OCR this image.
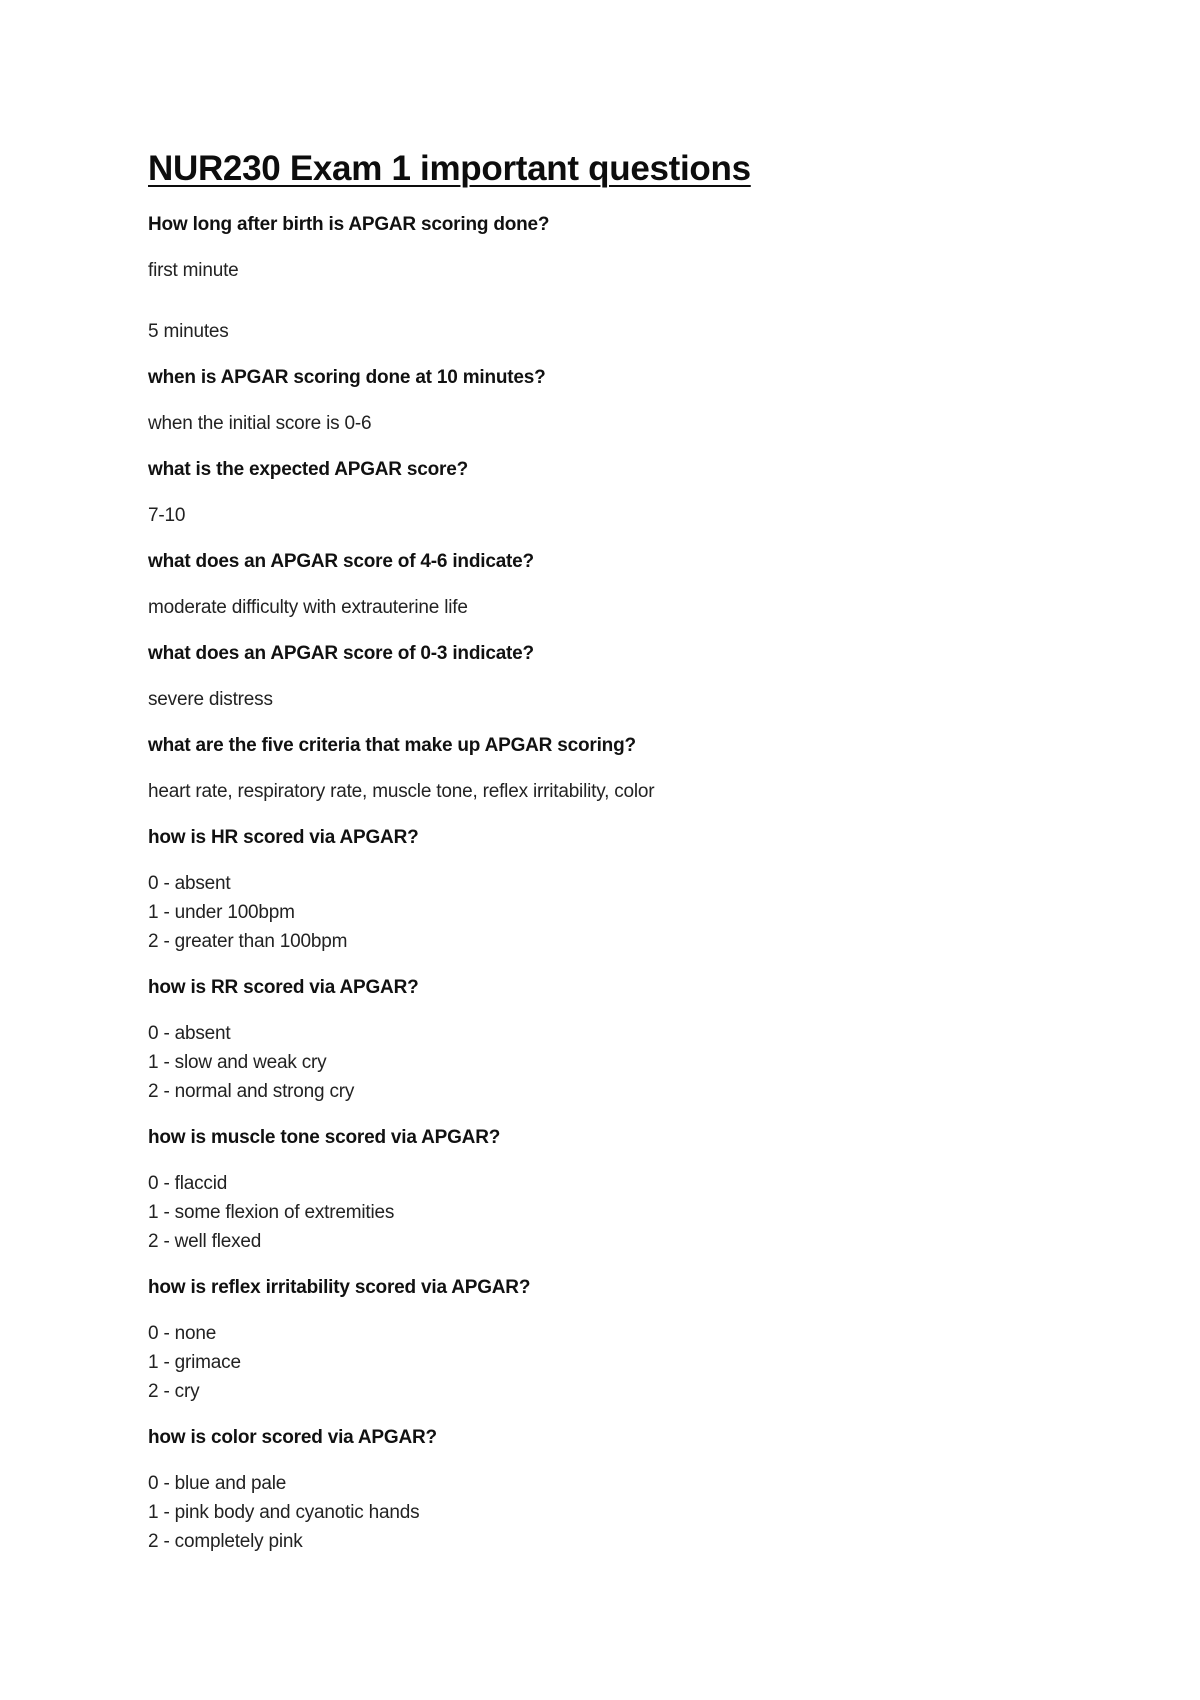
NUR230 Exam 1 important questions

How long after birth is APGAR scoring done?

first minute
5 minutes

when is APGAR scoring done at 10 minutes?

when the initial score is 0-6

what is the expected APGAR score?

7-10

what does an APGAR score of 4-6 indicate?

moderate difficulty with extrauterine life

what does an APGAR score of 0-3 indicate?

severe distress

what are the five criteria that make up APGAR scoring?

heart rate, respiratory rate, muscle tone, reflex irritability, color

how is HR scored via APGAR?

0 - absent
1 - under 100bpm
2 - greater than 100bpm

how is RR scored via APGAR?

0 - absent
1 - slow and weak cry
2 - normal and strong cry

how is muscle tone scored via APGAR?

0 - flaccid
1 - some flexion of extremities
2 - well flexed

how is reflex irritability scored via APGAR?

0 - none
1 - grimace
2 - cry

how is color scored via APGAR?

0 - blue and pale
1 - pink body and cyanotic hands
2 - completely pink
